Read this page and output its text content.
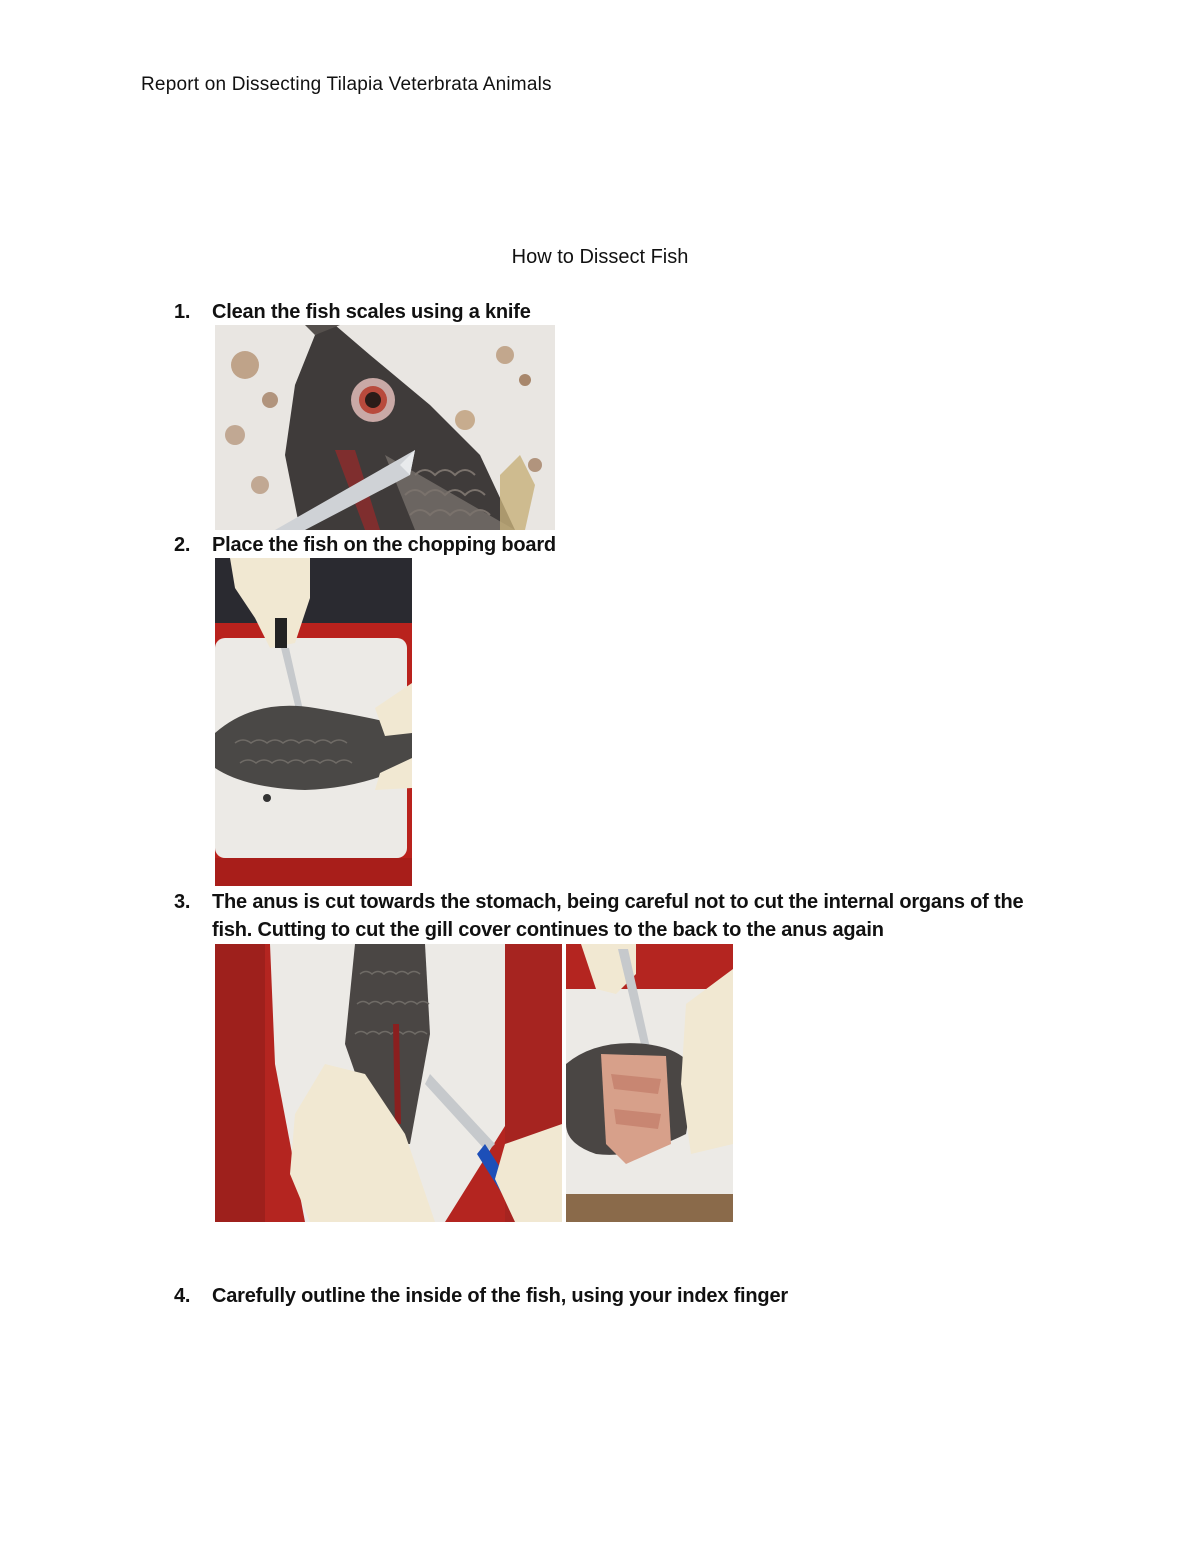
Report on Dissecting Tilapia Veterbrata Animals
How to Dissect Fish
1.	Clean the fish scales using a knife
2.	Place the fish on the chopping board
3.	The anus is cut towards the stomach, being careful not to cut the internal organs of the fish. Cutting to cut the gill cover continues to the back to the anus again
4.	Carefully outline the inside of the fish, using your index finger
